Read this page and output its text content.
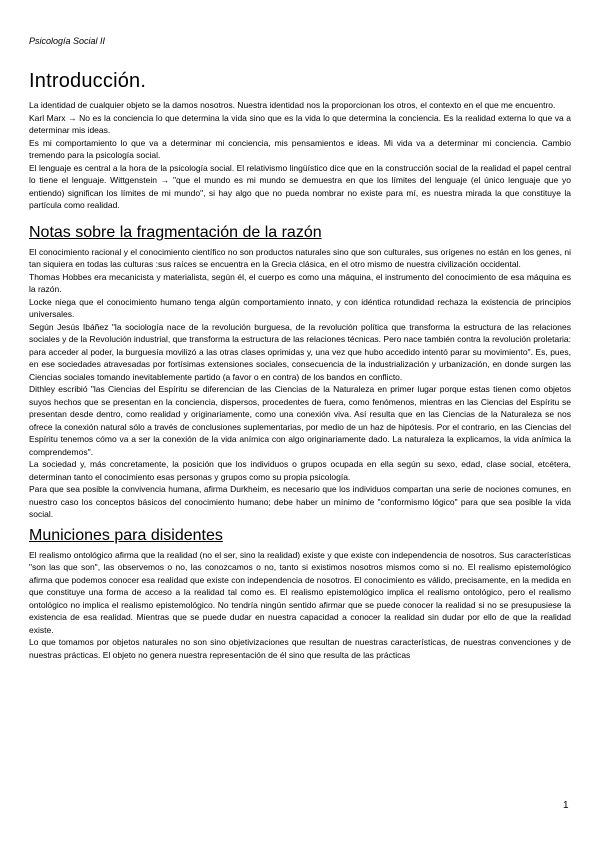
Psicología Social II
Introducción.

La identidad de cualquier objeto se la damos nosotros. Nuestra identidad nos la proporcionan los otros, el contexto en el que me encuentro.

Karl Marx → No es la conciencia lo que determina la vida sino que es la vida lo que determina la conciencia. Es la realidad externa lo que va a determinar mis ideas.

Es mi comportamiento lo que va a determinar mi conciencia, mis pensamientos e ideas. Mi vida va a determinar mi conciencia. Cambio tremendo para la psicología social.

El lenguaje es central a la hora de la psicología social. El relativismo lingüístico dice que en la construcción social de la realidad el papel central lo tiene el lenguaje. Wittgenstein → "que el mundo es mi mundo se demuestra en que los límites del lenguaje (el único lenguaje que yo entiendo) significan los límites de mi mundo", si hay algo que no pueda nombrar no existe para mí, es nuestra mirada la que constituye la partícula como realidad.

Notas sobre la fragmentación de la razón

El conocimiento racional y el conocimiento científico no son productos naturales sino que son culturales, sus orígenes no están en los genes, ni tan siquiera en todas las culturas :sus raíces se encuentra en la Grecia clásica, en el otro mismo de nuestra civilización occidental.

Thomas Hobbes era mecanicista y materialista, según él, el cuerpo es como una máquina, el instrumento del conocimiento de esa máquina es la razón.

Locke niega que el conocimiento humano tenga algún comportamiento innato, y con idéntica rotundidad rechaza la existencia de principios universales.

Según Jesús Ibáñez "la sociología nace de la revolución burguesa, de la revolución política que transforma la estructura de las relaciones sociales y de la Revolución industrial, que transforma la estructura de las relaciones técnicas. Pero nace también contra la revolución proletaria: para acceder al poder, la burguesía movilizó a las otras clases oprimidas y, una vez que hubo accedido intentó parar su movimiento". Es, pues, en ese sociedades atravesadas por fortísimas extensiones sociales, consecuencia de la industrialización y urbanización, en donde surgen las Ciencias sociales tomando inevitablemente partido (a favor o en contra) de los bandos en conflicto.

Dithley escribió "las Ciencias del Espíritu se diferencian de las Ciencias de la Naturaleza en primer lugar porque estas tienen como objetos suyos hechos que se presentan en la conciencia, dispersos, procedentes de fuera, como fenómenos, mientras en las Ciencias del Espíritu se presentan desde dentro, como realidad y originariamente, como una conexión viva. Así resulta que en las Ciencias de la Naturaleza se nos ofrece la conexión natural sólo a través de conclusiones suplementarias, por medio de un haz de hipótesis. Por el contrario, en las Ciencias del Espíritu tenemos cómo va a ser la conexión de la vida anímica con algo originariamente dado. La naturaleza la explicamos, la vida anímica la comprendemos".

La sociedad y, más concretamente, la posición que los individuos o grupos ocupada en ella según su sexo, edad, clase social, etcétera, determinan tanto el conocimiento esas personas y grupos como su propia psicología.

Para que sea posible la convivencia humana, afirma Durkheim, es necesario que los individuos compartan una serie de nociones comunes, en nuestro caso los conceptos básicos del conocimiento humano; debe haber un mínimo de "conformismo lógico" para que sea posible la vida social.

Municiones para disidentes

El realismo ontológico afirma que la realidad (no el ser, sino la realidad) existe y que existe con independencia de nosotros. Sus características "son las que son", las observemos o no, las conozcamos o no, tanto si existimos nosotros mismos como si no. El realismo epistemológico afirma que podemos conocer esa realidad que existe con independencia de nosotros. El conocimiento es válido, precisamente, en la medida en que constituye una forma de acceso a la realidad tal como es. El realismo epistemológico implica el realismo ontológico, pero el realismo ontológico no implica el realismo epistemológico. No tendría ningún sentido afirmar que se puede conocer la realidad si no se presupusiese la existencia de esa realidad. Mientras que se puede dudar en nuestra capacidad a conocer la realidad sin dudar por ello de que la realidad existe.

Lo que tomamos por objetos naturales no son sino objetivizaciones que resultan de nuestras características, de nuestras convenciones y de nuestras prácticas. El objeto no genera nuestra representación de él sino que resulta de las prácticas

1
